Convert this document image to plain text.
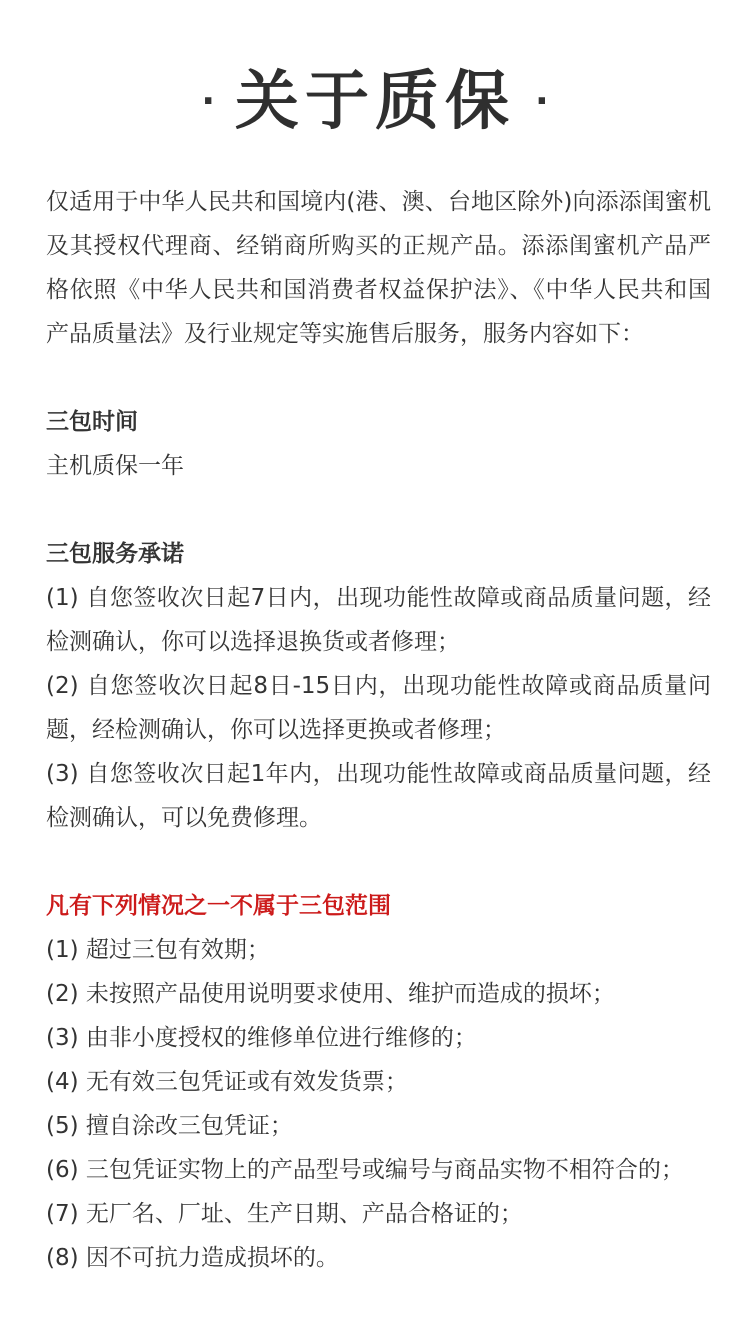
· 关于质保 ·

仅适用于中华人民共和国境内(港、澳、台地区除外)向添添闺蜜机及其授权代理商、经销商所购买的正规产品。添添闺蜜机产品严格依照《中华人民共和国消费者权益保护法》、《中华人民共和国产品质量法》及行业规定等实施售后服务，服务内容如下：

三包时间

主机质保一年

三包服务承诺

(1) 自您签收次日起7日内，出现功能性故障或商品质量问题，经检测确认，你可以选择退换货或者修理；

(2) 自您签收次日起8日-15日内，出现功能性故障或商品质量问题，经检测确认，你可以选择更换或者修理；

(3) 自您签收次日起1年内，出现功能性故障或商品质量问题，经检测确认，可以免费修理。

凡有下列情况之一不属于三包范围

(1) 超过三包有效期；

(2) 未按照产品使用说明要求使用、维护而造成的损坏；

(3) 由非小度授权的维修单位进行维修的；

(4) 无有效三包凭证或有效发货票；

(5) 擅自涂改三包凭证；

(6) 三包凭证实物上的产品型号或编号与商品实物不相符合的；

(7) 无厂名、厂址、生产日期、产品合格证的；

(8) 因不可抗力造成损坏的。
